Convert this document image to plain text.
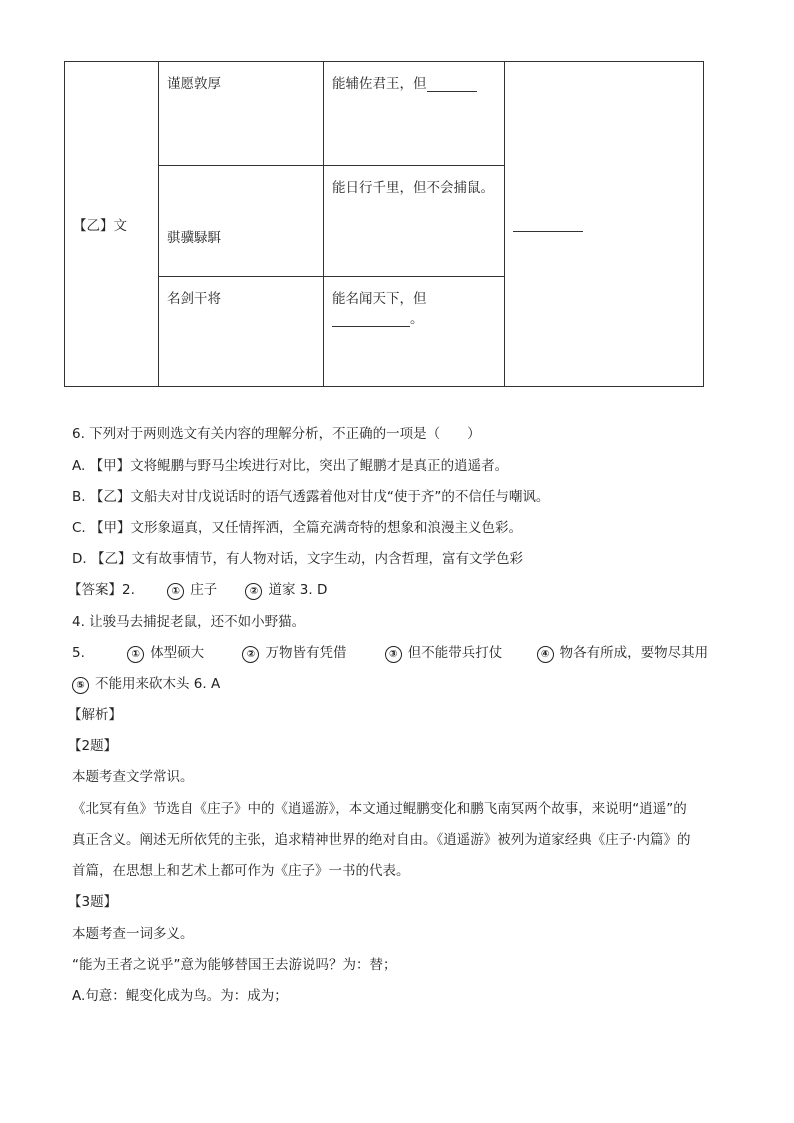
【乙】文	谨愿敦厚	能辅佐君王，但	
	骐骥騄駬	能日行千里，但不会捕鼠。	
	名剑干将	能名闻天下，但。	
6. 下列对于两则选文有关内容的理解分析，不正确的一项是（　　）
A. 【甲】文将鲲鹏与野马尘埃进行对比，突出了鲲鹏才是真正的逍遥者。
B. 【乙】文船夫对甘戊说话时的语气透露着他对甘戊“使于齐”的不信任与嘲讽。
C. 【甲】文形象逼真，又任情挥洒，全篇充满奇特的想象和浪漫主义色彩。
D. 【乙】文有故事情节，有人物对话，文字生动，内含哲理，富有文学色彩
【答案】2.	① 庄子	② 道家 3. D
4. 让骏马去捕捉老鼠，还不如小野猫。
5.	① 体型硕大	② 万物皆有凭借	③ 但不能带兵打仗	④ 物各有所成，要物尽其用
⑤ 不能用来砍木头 6. A
【解析】
【2题】
本题考查文学常识。
《北冥有鱼》节选自《庄子》中的《逍遥游》，本文通过鲲鹏变化和鹏飞南冥两个故事，来说明“逍遥”的
真正含义。阐述无所依凭的主张，追求精神世界的绝对自由。《逍遥游》被列为道家经典《庄子·内篇》的
首篇，在思想上和艺术上都可作为《庄子》一书的代表。
【3题】
本题考查一词多义。
“能为王者之说乎”意为能够替国王去游说吗？为：替；
A.句意：鲲变化成为鸟。为：成为；
